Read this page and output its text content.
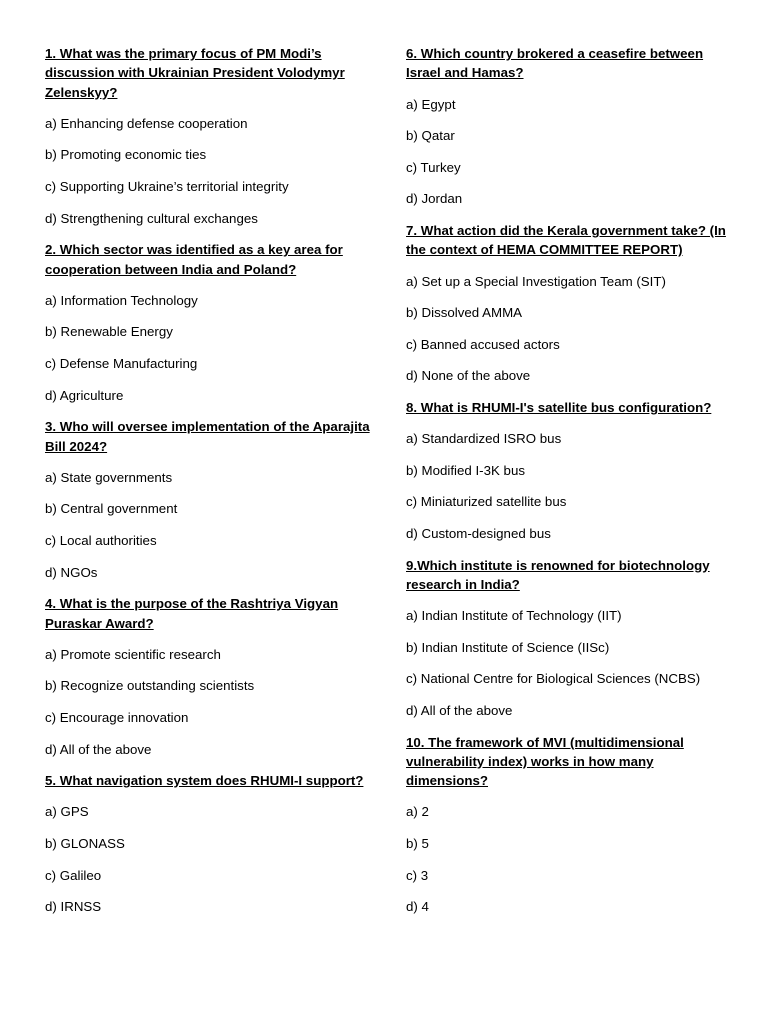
1. What was the primary focus of PM Modi’s discussion with Ukrainian President Volodymyr Zelenskyy?

a) Enhancing defense cooperation

b) Promoting economic ties

c) Supporting Ukraine’s territorial integrity

d) Strengthening cultural exchanges

2. Which sector was identified as a key area for cooperation between India and Poland?

a) Information Technology

b) Renewable Energy

c) Defense Manufacturing

d) Agriculture

3. Who will oversee implementation of the Aparajita Bill 2024?

a) State governments

b) Central government

c) Local authorities

d) NGOs

4. What is the purpose of the Rashtriya Vigyan Puraskar Award?

a) Promote scientific research

b) Recognize outstanding scientists

c) Encourage innovation

d) All of the above

5. What navigation system does RHUMI-I support?

a) GPS

b) GLONASS

c) Galileo

d) IRNSS

6. Which country brokered a ceasefire between Israel and Hamas?

a) Egypt

b) Qatar

c) Turkey

d) Jordan

7. What action did the Kerala government take? (In the context of HEMA COMMITTEE REPORT)

a) Set up a Special Investigation Team (SIT)

b) Dissolved AMMA

c) Banned accused actors

d) None of the above

8. What is RHUMI-I's satellite bus configuration?

a) Standardized ISRO bus

b) Modified I-3K bus

c) Miniaturized satellite bus

d) Custom-designed bus

9.Which institute is renowned for biotechnology research in India?

a) Indian Institute of Technology (IIT)

b) Indian Institute of Science (IISc)

c) National Centre for Biological Sciences (NCBS)

d) All of the above

10. The framework of MVI (multidimensional vulnerability index) works in how many dimensions?

a) 2

b) 5

c) 3

d) 4
